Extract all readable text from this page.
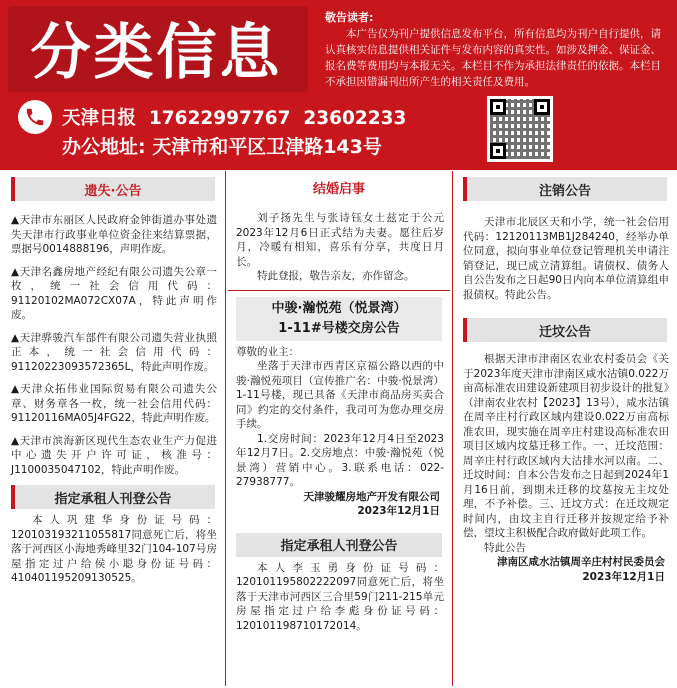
分类信息
敬告读者:
本广告仅为刊户提供信息发布平台，所有信息均为刊户自行提供，请认真核实信息提供相关证件与发布内容的真实性。如涉及押金、保证金、报名费等费用均与本报无关。本栏目不作为承担法律责任的依据。本栏目不承担因错漏刊出所产生的相关责任及费用。
天津日报  17622997767  23602233
办公地址: 天津市和平区卫津路143号
遗失·公告
▲天津市东丽区人民政府金钟街道办事处遗失天津市行政事业单位资金往来结算票据，票据号0014888196，声明作废。
▲天津名鑫房地产经纪有限公司遗失公章一枚，统一社会信用代码：91120102MA072CX07A，特此声明作废。
▲天津骅骏汽车部件有限公司遗失营业执照正本，统一社会信用代码：91120223093572365L，特此声明作废。
▲天津众拓伟业国际贸易有限公司遗失公章、财务章各一枚，统一社会信用代码：91120116MA05J4FG22，特此声明作废。
▲天津市滨海新区现代生态农业生产力促进中心遗失开户许可证，核准号：J1100035047102，特此声明作废。
指定承租人刊登公告
本人巩建华身份证号码：120103193211055817同意死亡后，将坐落于河西区小海地秀峰里32门104-107号房屋指定过户给侯小聪身份证号码：410401195209130525。
结婚启事
刘子扬先生与张诗钰女士兹定于公元2023年12月6日正式结为夫妻。愿往后岁月，冷暖有相知，喜乐有分享，共度日月长。
特此登报，敬告亲友，亦作留念。
中骏·瀚悦苑（悦景湾）
1-11#号楼交房公告
尊敬的业主：
坐落于天津市西青区京福公路以西的中骏·瀚悦苑项目（宣传推广名：中骏·悦景湾）1-11号楼，现已具备《天津市商品房买卖合同》约定的交付条件，我司可为您办理交房手续。
1.交房时间：2023年12月4日至2023年12月7日。2.交房地点：中骏·瀚悦苑（悦景湾）营销中心。3.联系电话：022-27938777。
天津骏耀房地产开发有限公司
2023年12月1日
指定承租人刊登公告
本人李玉勇身份证号码：120101195802222097同意死亡后，将坐落于天津市河西区三合里59门211-215单元房屋指定过户给李彪身份证号码：120101198710172014。
注销公告
天津市北辰区天和小学，统一社会信用代码：12120113MB1J284240，经举办单位同意，拟向事业单位登记管理机关申请注销登记，现已成立清算组。请债权、债务人自公告发布之日起90日内向本单位清算组申报债权。特此公告。
迁坟公告
根据天津市津南区农业农村委员会《关于2023年度天津市津南区咸水沽镇0.022万亩高标准农田建设新建项目初步设计的批复》（津南农业农村【2023】13号），咸水沽镇在周辛庄村行政区域内建设0.022万亩高标准农田，现实施在周辛庄村建设高标准农田项目区域内坟墓迁移工作。一、迁坟范围：周辛庄村行政区域内大沽排水河以南。二、迁坟时间：自本公告发布之日起到2024年1月16日前，到期未迁移的坟墓按无主坟处理，不予补偿。三、迁坟方式：在迁坟规定时间内，由坟主自行迁移并按规定给予补偿，望坟主积极配合政府做好此项工作。
特此公告
津南区咸水沽镇周辛庄村村民委员会
2023年12月1日
